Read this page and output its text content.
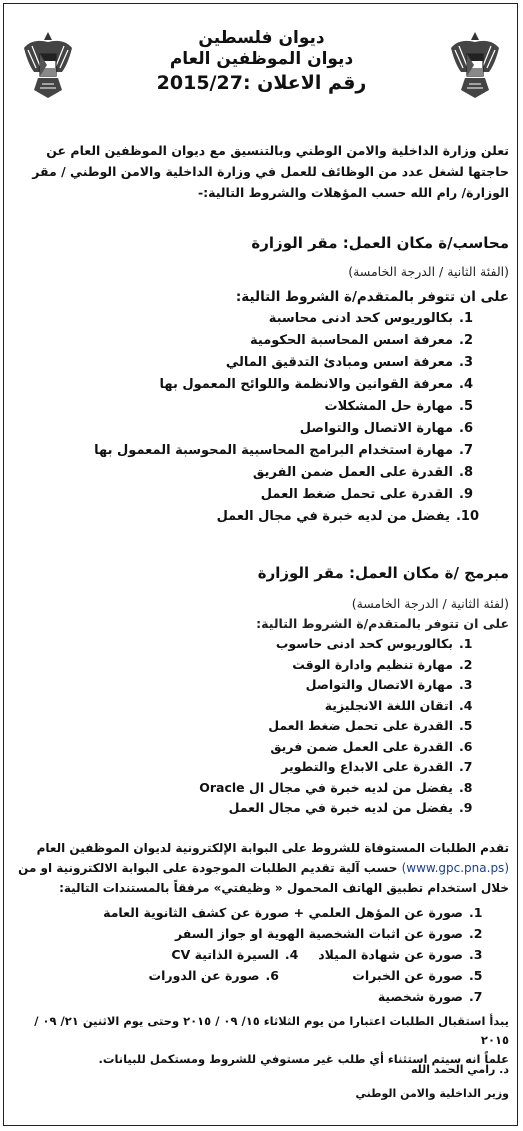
ديوان فلسطين
ديوان الموظفين العام
رقم الاعلان :2015/27
تعلن وزارة الداخلية والامن الوطني وبالتنسيق مع ديوان الموظفين العام عن حاجتها لشغل عدد من الوظائف للعمل في وزارة الداخلية والامن الوطني / مقر الوزارة/ رام الله حسب المؤهلات والشروط التالية:-
محاسب/ة مكان العمل: مقر الوزارة
(الفئة الثانية / الدرجة الخامسة)
على ان تتوفر بالمتقدم/ة الشروط التالية:
1.
بكالوريوس كحد ادنى محاسبة
2.
معرفة اسس المحاسبة الحكومية
3.
معرفة اسس ومبادئ التدقيق المالي
4.
معرفة القوانين والانظمة واللوائح المعمول بها
5.
مهارة حل المشكلات
6.
مهارة الاتصال والتواصل
7.
مهارة استخدام البرامج المحاسبية المحوسبة المعمول بها
8.
القدرة على العمل ضمن الفريق
9.
القدرة على تحمل ضغط العمل
10.
يفضل من لديه خبرة في مجال العمل
مبرمج /ة مكان العمل: مقر الوزارة
(لفئة الثانية / الدرجة الخامسة)
على ان تتوفر بالمتقدم/ة الشروط التالية:
1.
بكالوريوس كحد ادنى حاسوب
2.
مهارة تنظيم وادارة الوقت
3.
مهارة الاتصال والتواصل
4.
اتقان اللغة الانجليزية
5.
القدرة على تحمل ضغط العمل
6.
القدرة على العمل ضمن فريق
7.
القدرة على الابداع والتطوير
8.
يفضل من لديه خبرة في مجال ال Oracle
9.
يفضل من لديه خبرة في مجال العمل
تقدم الطلبات المستوفاة للشروط على البوابة الإلكترونية لديوان الموظفين العام
(www.gpc.pna.ps) حسب آلية تقديم الطلبات الموجودة على البوابة الالكترونية او من
خلال استخدام تطبيق الهاتف المحمول « وظيفتي» مرفقاً بالمستندات التالية:
1.
صورة عن المؤهل العلمي + صورة عن كشف الثانوية العامة
2.
صورة عن اثبات الشخصية الهوية او جواز السفر
3.
صورة عن شهادة الميلاد
4.
السيرة الذاتية CV
5.
صورة عن الخبرات
6.
صورة عن الدورات
7.
صورة شخصية
يبدأ استقبال الطلبات اعتبارا من يوم الثلاثاء ١٥/ ٠٩ / ٢٠١٥ وحتى يوم الاثنين ٢١/ ٠٩ / ٢٠١٥
علماً انه سيتم استثناء أي طلب غير مستوفي للشروط ومستكمل للبيانات.
د. رامي الحمد الله
وزير الداخلية والامن الوطني
